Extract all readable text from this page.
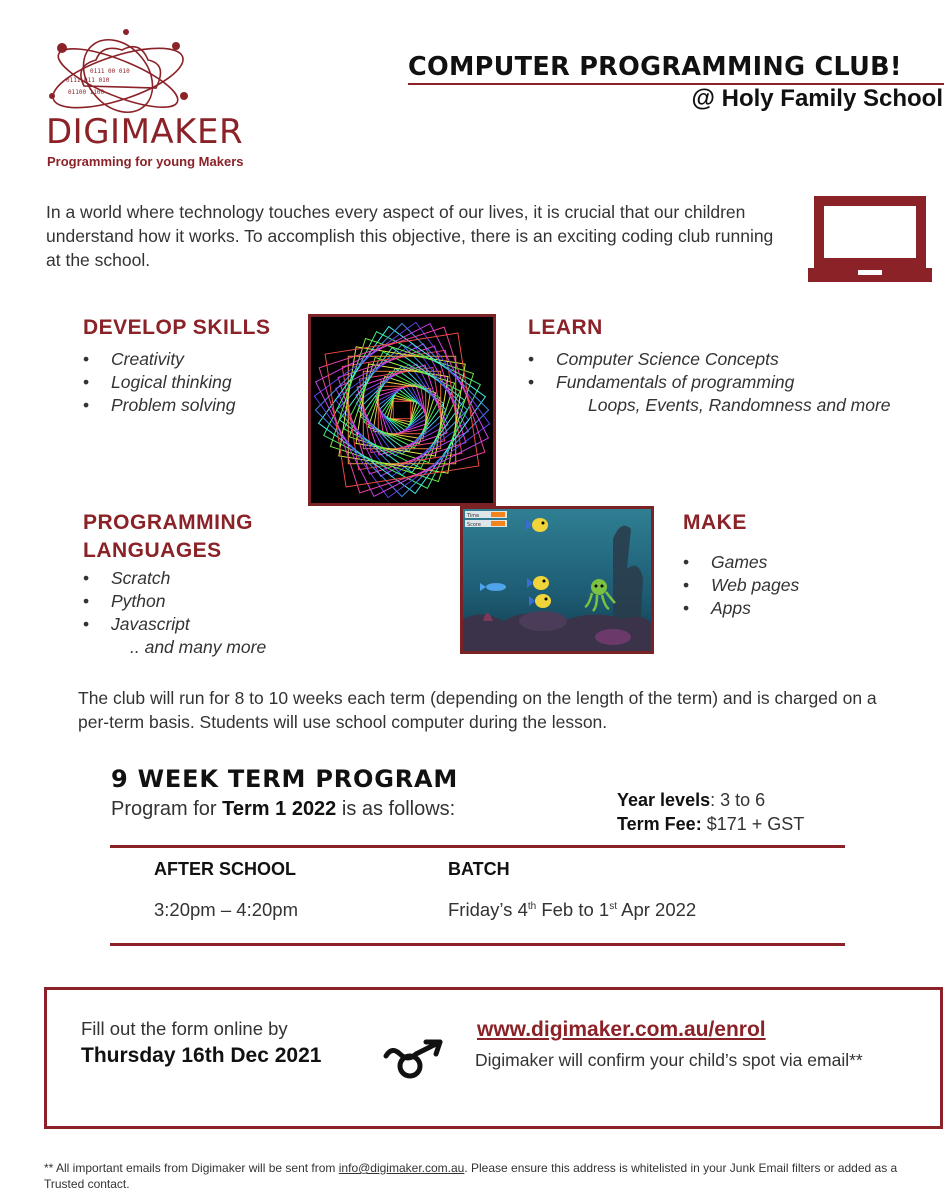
0111 00 010
0111 011 010
01100 1100
DIGIMAKER
Programming for young Makers
COMPUTER PROGRAMMING CLUB!
@ Holy Family School
In a world where technology touches every aspect of our lives, it is crucial that our children understand how it works. To accomplish this objective, there is an exciting coding club running at the school.
DEVELOP SKILLS
• Creativity
• Logical thinking
• Problem solving
LEARN
• Computer Science Concepts
• Fundamentals of programming
Loops, Events, Randomness and more
PROGRAMMING
LANGUAGES
• Scratch
• Python
• Javascript
.. and many more
Time
Score	MAKE
• Games
• Web pages
• Apps
The club will run for 8 to 10 weeks each term (depending on the length of the term) and is charged on a per-term basis. Students will use school computer during the lesson.
9 WEEK TERM PROGRAM
Program for Term 1 2022 is as follows:	Year levels: 3 to 6
Term Fee: $171 + GST
AFTER SCHOOL	BATCH
3:20pm – 4:20pm	Friday’s 4th Feb to 1st Apr 2022
Fill out the form online by
Thursday 16th Dec 2021
www.digimaker.com.au/enrol
Digimaker will confirm your child’s spot via email**
** All important emails from Digimaker will be sent from info@digimaker.com.au. Please ensure this address is whitelisted in your Junk Email filters or added as a Trusted contact.
